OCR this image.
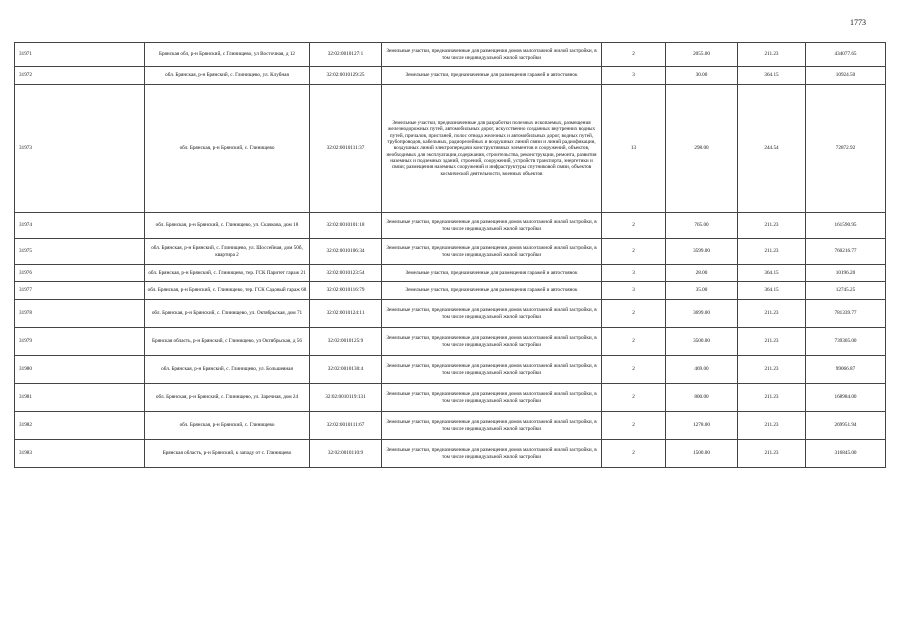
1773
31971	Брянская обл, р-н Брянский, с Глинищево, ул Восточная, д 12	32:02:0010127:1	Земельные участки, предназначенные для размещения домов малоэтажной жилой застройки, в том числе индивидуальной жилой застройки	2	2055.00	211.23	434077.65
31972	обл. Брянская, р-н Брянский, с. Глинищево, ул. Клубная	32:02:0010129:25	Земельные участки, предназначенные для размещения гаражей и автостоянок	3	30.00	364.15	10924.50
31973	обл. Брянская, р-н Брянский, с. Глинищево	32:02:0010111:37	Земельные участки, предназначенные для разработки полезных ископаемых, размещения железнодорожных путей, автомобильных дорог, искусственно созданных внутренних водных путей, причалов, пристаней, полос отвода железных и автомобильных дорог, водных путей, трубопроводов, кабельных, радиорелейных и воздушных линий связи и линий радиофикации, воздушных линий электропередачи конструктивных элементов и сооружений, объектов, необходимых для эксплуатации,содержания, строительства, реконструкции, ремонта, развития наземных и подземных зданий, строений, сооружений, устройств транспорта, энергетики и связи; размещения наземных сооружений и инфраструктуры спутниковой связи, объектов космической деятельности, военных объектов	13	298.00	244.54	72872.92
31974	обл. Брянская, р-н Брянский, с. Глинищево, ул. Скачкова, дом 18	32:02:0010101:18	Земельные участки, предназначенные для размещения домов малоэтажной жилой застройки, в том числе индивидуальной жилой застройки	2	765.00	211.23	161590.95
31975	обл. Брянская, р-н Брянский, с. Глинищево, ул. Шоссейная, дом 50б, квартира 2	32:02:0010106:34	Земельные участки, предназначенные для размещения домов малоэтажной жилой застройки, в том числе индивидуальной жилой застройки	2	3599.00	211.23	760216.77
31976	обл. Брянская, р-н Брянский, с. Глинищево, тер. ГСК Паритет гараж 21	32:02:0010123:54	Земельные участки, предназначенные для размещения гаражей и автостоянок	3	28.00	364.15	10196.20
31977	обл. Брянская, р-н Брянский, с. Глинищево, тер. ГСК Садовый гараж 68	32:02:0010116:79	Земельные участки, предназначенные для размещения гаражей и автостоянок	3	35.00	364.15	12745.25
31978	обл. Брянская, р-н Брянский, с. Глинищево, ул. Октябрьская, дом 71	32:02:0010124:11	Земельные участки, предназначенные для размещения домов малоэтажной жилой застройки, в том числе индивидуальной жилой застройки	2	3699.00	211.23	781339.77
31979	Брянская область, р-н Брянский, с Глинищево, ул Октябрьская, д 56	32:02:0010125:9	Земельные участки, предназначенные для размещения домов малоэтажной жилой застройки, в том числе индивидуальной жилой застройки	2	3500.00	211.23	739305.00
31980	обл. Брянская, р-н Брянский, с. Глинищево, ул. Большевная	32:02:0010130:4	Земельные участки, предназначенные для размещения домов малоэтажной жилой застройки, в том числе индивидуальной жилой застройки	2	469.00	211.23	99066.87
31981	обл. Брянская, р-н Брянский, с. Глинищево, ул. Заречная, дом 24	32:02:0010119:131	Земельные участки, предназначенные для размещения домов малоэтажной жилой застройки, в том числе индивидуальной жилой застройки	2	800.00	211.23	168984.00
31982	обл. Брянская, р-н Брянский, с. Глинищево	32:02:0010111:67	Земельные участки, предназначенные для размещения домов малоэтажной жилой застройки, в том числе индивидуальной жилой застройки	2	1278.00	211.23	269951.94
31983	Брянская область, р-н Брянский, к западу от с. Глинищево	32:02:0010110:9	Земельные участки, предназначенные для размещения домов малоэтажной жилой застройки, в том числе индивидуальной жилой застройки	2	1500.00	211.23	316845.00
